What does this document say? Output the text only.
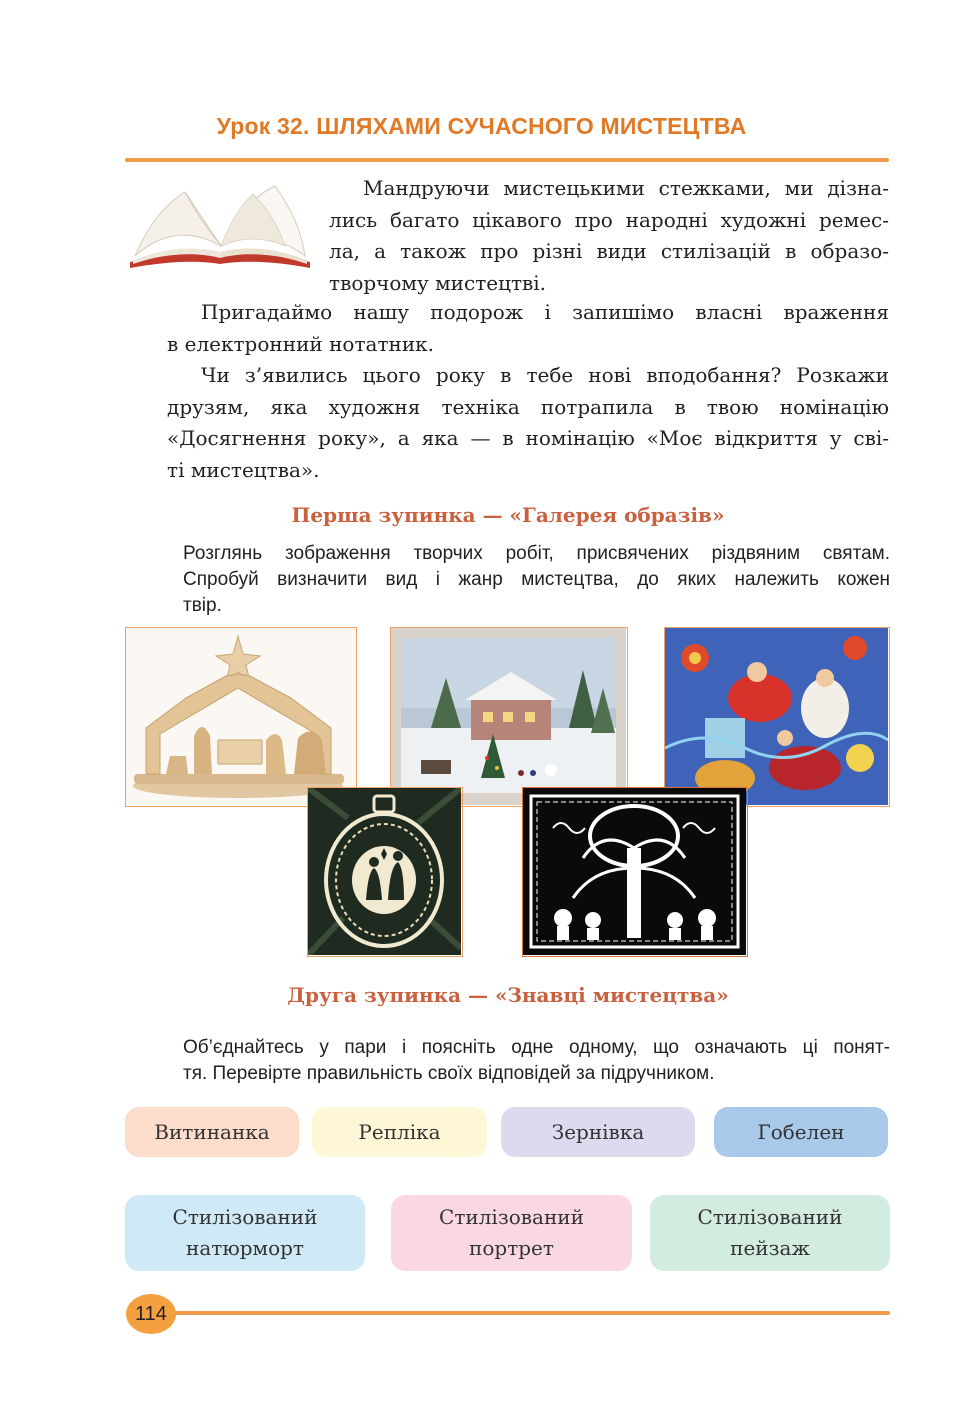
Урок 32. ШЛЯХАМИ СУЧАСНОГО МИСТЕЦТВА
Мандруючи мистецькими стежками, ми дізна-
лись багато цікавого про народні художні ремес-
ла, а також про різні види стилізацій в образо-
творчому мистецтві.
Пригадаймо нашу подорож і запишімо власні враження
в електронний нотатник.
Чи з’явились цього року в тебе нові вподобання? Розкажи
друзям, яка художня техніка потрапила в твою номінацію
«Досягнення року», а яка — в номінацію «Моє відкриття у сві-
ті мистецтва».
Перша зупинка — «Галерея образів»
Розглянь зображення творчих робіт, присвячених різдвяним святам.
Спробуй визначити вид і жанр мистецтва, до яких належить кожен
твір.
Друга зупинка — «Знавці мистецтва»
Об’єднайтесь у пари і поясніть одне одному, що означають ці понят-
тя. Перевірте правильність своїх відповідей за підручником.
Витинанка	Репліка	Зернівка	Гобелен
Стилізований
натюрморт
Стилізований
портрет
Стилізований
пейзаж
114
